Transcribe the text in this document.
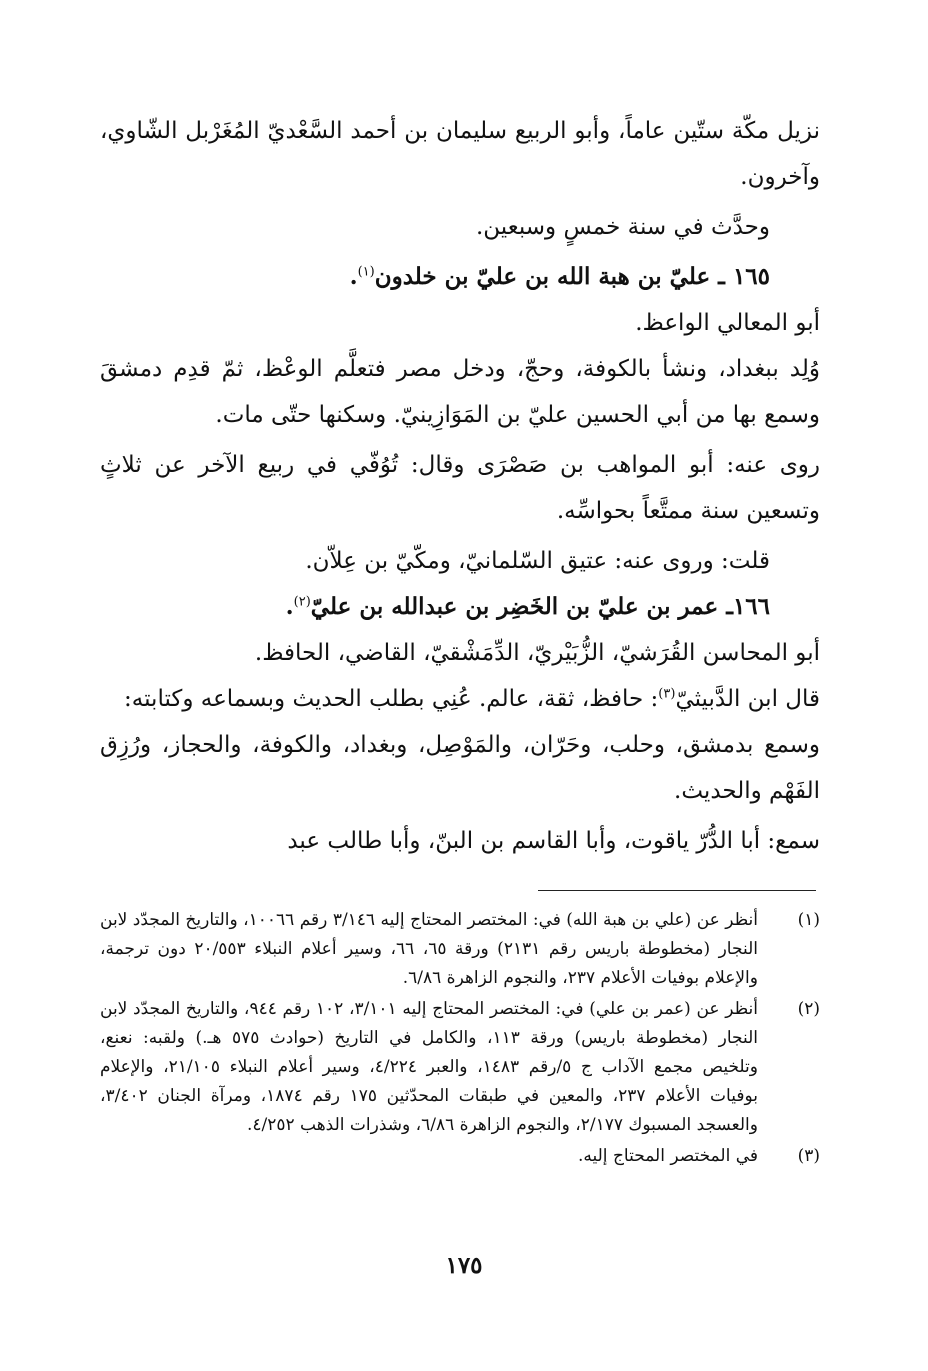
نزيل مكّة ستّين عاماً، وأبو الربيع سليمان بن أحمد السَّعْديّ المُغَرْبل الشّاوي، وآخرون.

وحدَّث في سنة خمسٍ وسبعين.

١٦٥ ـ عليّ بن هبة الله بن عليّ بن خلدون$^{(١)}$.

أبو المعالي الواعظ.

وُلِد ببغداد، ونشأ بالكوفة، وحجّ، ودخل مصر فتعلَّم الوعْظ، ثمّ قدِم دمشقَ وسمع بها من أبي الحسين عليّ بن المَوَازِينيّ. وسكنها حتّى مات.

روى عنه: أبو المواهب بن صَصْرَى وقال: تُوُفّي في ربيع الآخر عن ثلاثٍ وتسعين سنة ممتَّعاً بحواسِّه.

قلت: وروى عنه: عتيق السّلمانيّ، ومكّيّ بن عِلاّن.

١٦٦ـ عمر بن عليّ بن الخَضِر بن عبدالله بن عليّ$^{(٢)}$.

أبو المحاسن القُرَشيّ، الزُّبَيْريّ، الدِّمَشْقيّ، القاضي، الحافظ.

قال ابن الدَّبيثيّ$^{(٣)}$: حافظ، ثقة، عالم. عُنِي بطلب الحديث وبسماعه وكتابته:

وسمع بدمشق، وحلب، وحَرّان، والمَوْصِل، وبغداد، والكوفة، والحجاز، ورُزِق الفَهْم والحديث.

سمع: أبا الدُّرّ ياقوت، وأبا القاسم بن البنّ، وأبا طالب عبد

(١)
أنظر عن (علي بن هبة الله) في: المختصر المحتاج إليه ٣/١٤٦ رقم ١٠٠٦٦، والتاريخ المجدّد لابن النجار (مخطوطة باريس رقم ٢١٣١) ورقة ٦٥، ٦٦، وسير أعلام النبلاء ٢٠/٥٥٣ دون ترجمة، والإعلام بوفيات الأعلام ٢٣٧، والنجوم الزاهرة ٦/٨٦.
(٢)
أنظر عن (عمر بن علي) في: المختصر المحتاج إليه ٣/١٠١، ١٠٢ رقم ٩٤٤، والتاريخ المجدّد لابن النجار (مخطوطة باريس) ورقة ١١٣، والكامل في التاريخ (حوادث ٥٧٥ هـ.) ولقبه: نعنع، وتلخيص مجمع الآداب ج ٥/رقم ١٤٨٣، والعبر ٤/٢٢٤، وسير أعلام النبلاء ٢١/١٠٥، والإعلام بوفيات الأعلام ٢٣٧، والمعين في طبقات المحدّثين ١٧٥ رقم ١٨٧٤، ومرآة الجنان ٣/٤٠٢، والعسجد المسبوك ٢/١٧٧، والنجوم الزاهرة ٦/٨٦، وشذرات الذهب ٤/٢٥٢.
(٣)
في المختصر المحتاج إليه.
١٧٥
